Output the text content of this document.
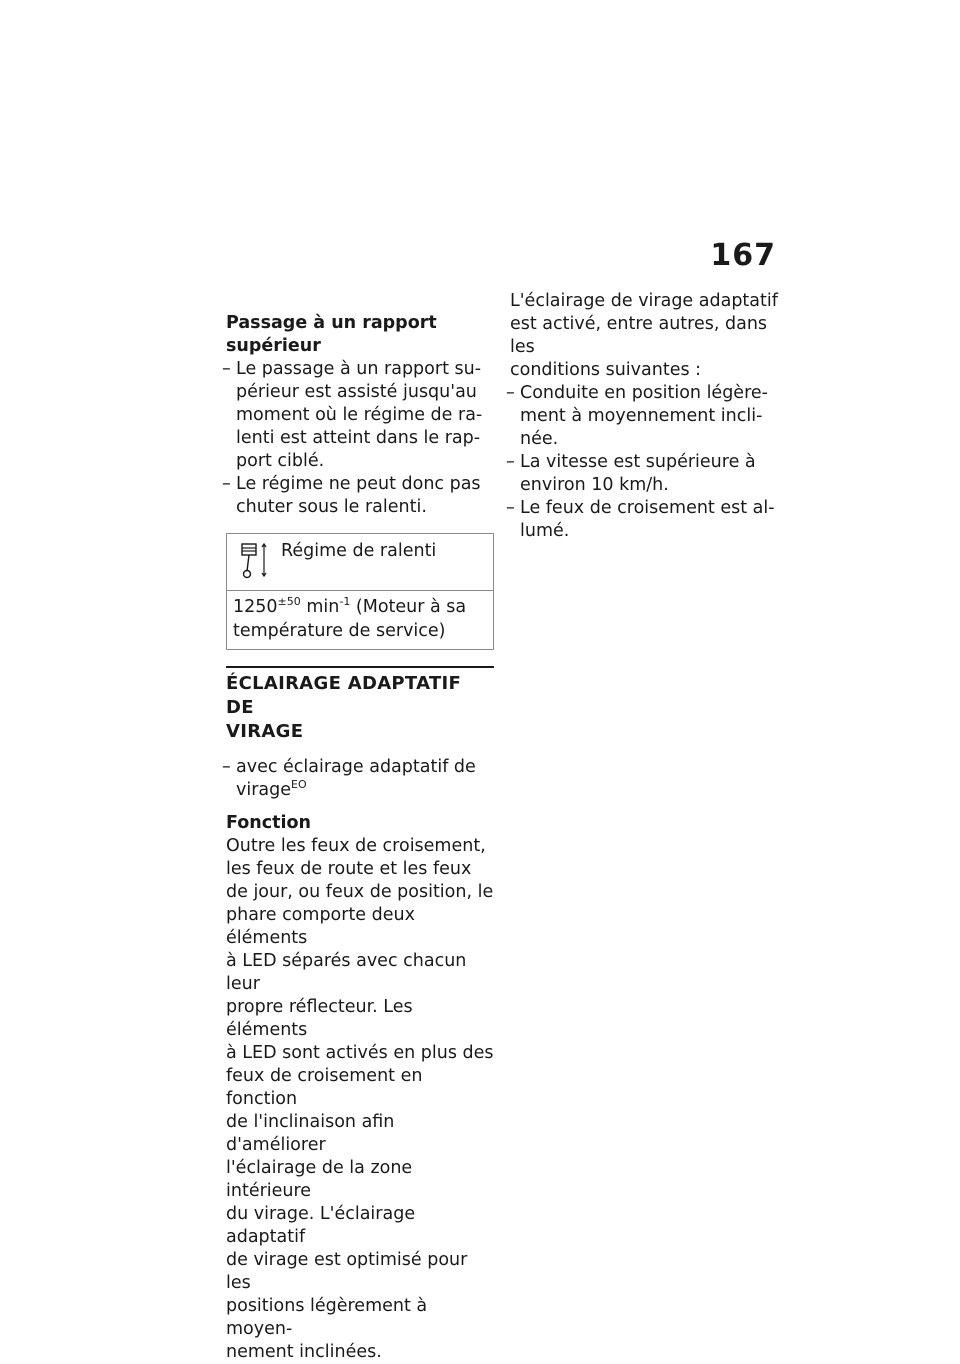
167

Passage à un rapport
supérieur

– Le passage à un rapport su-
périeur est assisté jusqu'au
moment où le régime de ra-
lenti est atteint dans le rap-
port ciblé.
– Le régime ne peut donc pas
chuter sous le ralenti.
Régime de ralenti
$1250^{\pm 50}$ $\min^{-1}$ (Moteur à sa
température de service)
ÉCLAIRAGE ADAPTATIF DE
VIRAGE
– avec éclairage adaptatif de
virage$^{EO}$

Fonction

Outre les feux de croisement,
les feux de route et les feux
de jour, ou feux de position, le
phare comporte deux éléments
à LED séparés avec chacun leur
propre réflecteur. Les éléments
à LED sont activés en plus des
feux de croisement en fonction
de l'inclinaison afin d'améliorer
l'éclairage de la zone intérieure
du virage. L'éclairage adaptatif
de virage est optimisé pour les
positions légèrement à moyen-
nement inclinées.

L'éclairage de virage adaptatif
est activé, entre autres, dans les
conditions suivantes :

– Conduite en position légère-
ment à moyennement incli-
née.
– La vitesse est supérieure à
environ 10 km/h.
– Le feux de croisement est al-
lumé.
